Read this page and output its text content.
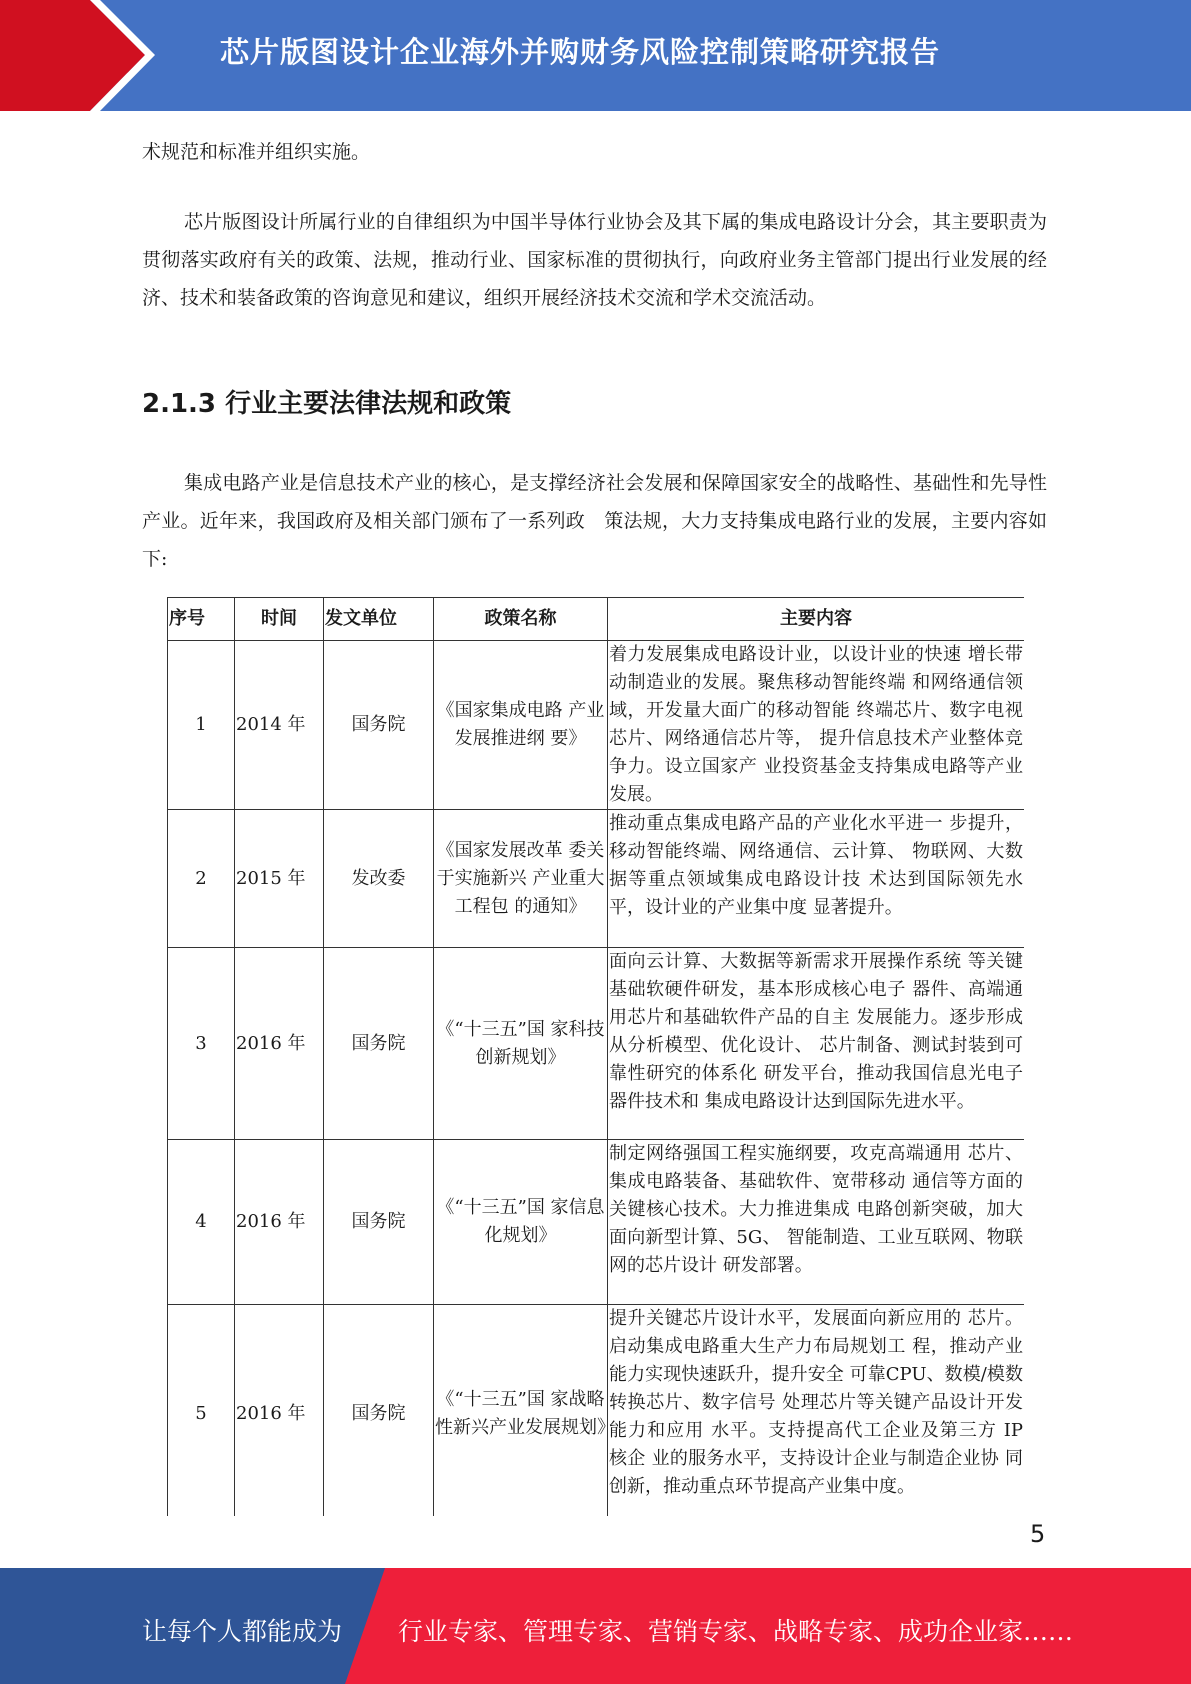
芯片版图设计企业海外并购财务风险控制策略研究报告

术规范和标准并组织实施。

芯片版图设计所属行业的自律组织为中国半导体行业协会及其下属的集成电路设计分会，其主要职责为贯彻落实政府有关的政策、法规，推动行业、国家标准的贯彻执行，向政府业务主管部门提出行业发展的经济、技术和装备政策的咨询意见和建议，组织开展经济技术交流和学术交流活动。

2.1.3 行业主要法律法规和政策

集成电路产业是信息技术产业的核心，是支撑经济社会发展和保障国家安全的战略性、基础性和先导性产业。近年来，我国政府及相关部门颁布了一系列政　策法规，大力支持集成电路行业的发展，主要内容如下:

序号	时间	发文单位	政策名称	主要内容
1	2014 年	国务院	《国家集成电路 产业发展推进纲 要》	着力发展集成电路设计业，以设计业的快速 增长带动制造业的发展。聚焦移动智能终端 和网络通信领域，开发量大面广的移动智能 终端芯片、数字电视芯片、网络通信芯片等， 提升信息技术产业整体竞争力。设立国家产 业投资基金支持集成电路等产业发展。
2	2015 年	发改委	《国家发展改革 委关于实施新兴 产业重大工程包 的通知》	推动重点集成电路产品的产业化水平进一 步提升，移动智能终端、网络通信、云计算、 物联网、大数据等重点领域集成电路设计技 术达到国际领先水平，设计业的产业集中度 显著提升。
3	2016 年	国务院	《“十三五”国 家科技创新规划》	面向云计算、大数据等新需求开展操作系统 等关键基础软硬件研发，基本形成核心电子 器件、高端通用芯片和基础软件产品的自主 发展能力。逐步形成从分析模型、优化设计、 芯片制备、测试封装到可靠性研究的体系化 研发平台，推动我国信息光电子器件技术和 集成电路设计达到国际先进水平。
4	2016 年	国务院	《“十三五”国 家信息化规划》	制定网络强国工程实施纲要，攻克高端通用 芯片、集成电路装备、基础软件、宽带移动 通信等方面的关键核心技术。大力推进集成 电路创新突破，加大面向新型计算、5G、 智能制造、工业互联网、物联网的芯片设计 研发部署。
5	2016 年	国务院	《“十三五”国 家战略性新兴产业发展规划》	提升关键芯片设计水平，发展面向新应用的 芯片。启动集成电路重大生产力布局规划工 程，推动产业能力实现快速跃升，提升安全 可靠CPU、数模/模数转换芯片、数字信号 处理芯片等关键产品设计开发能力和应用 水平。支持提高代工企业及第三方 IP 核企 业的服务水平，支持设计企业与制造企业协 同创新，推动重点环节提高产业集中度。
5
让每个人都能成为 行业专家、管理专家、营销专家、战略专家、成功企业家……
